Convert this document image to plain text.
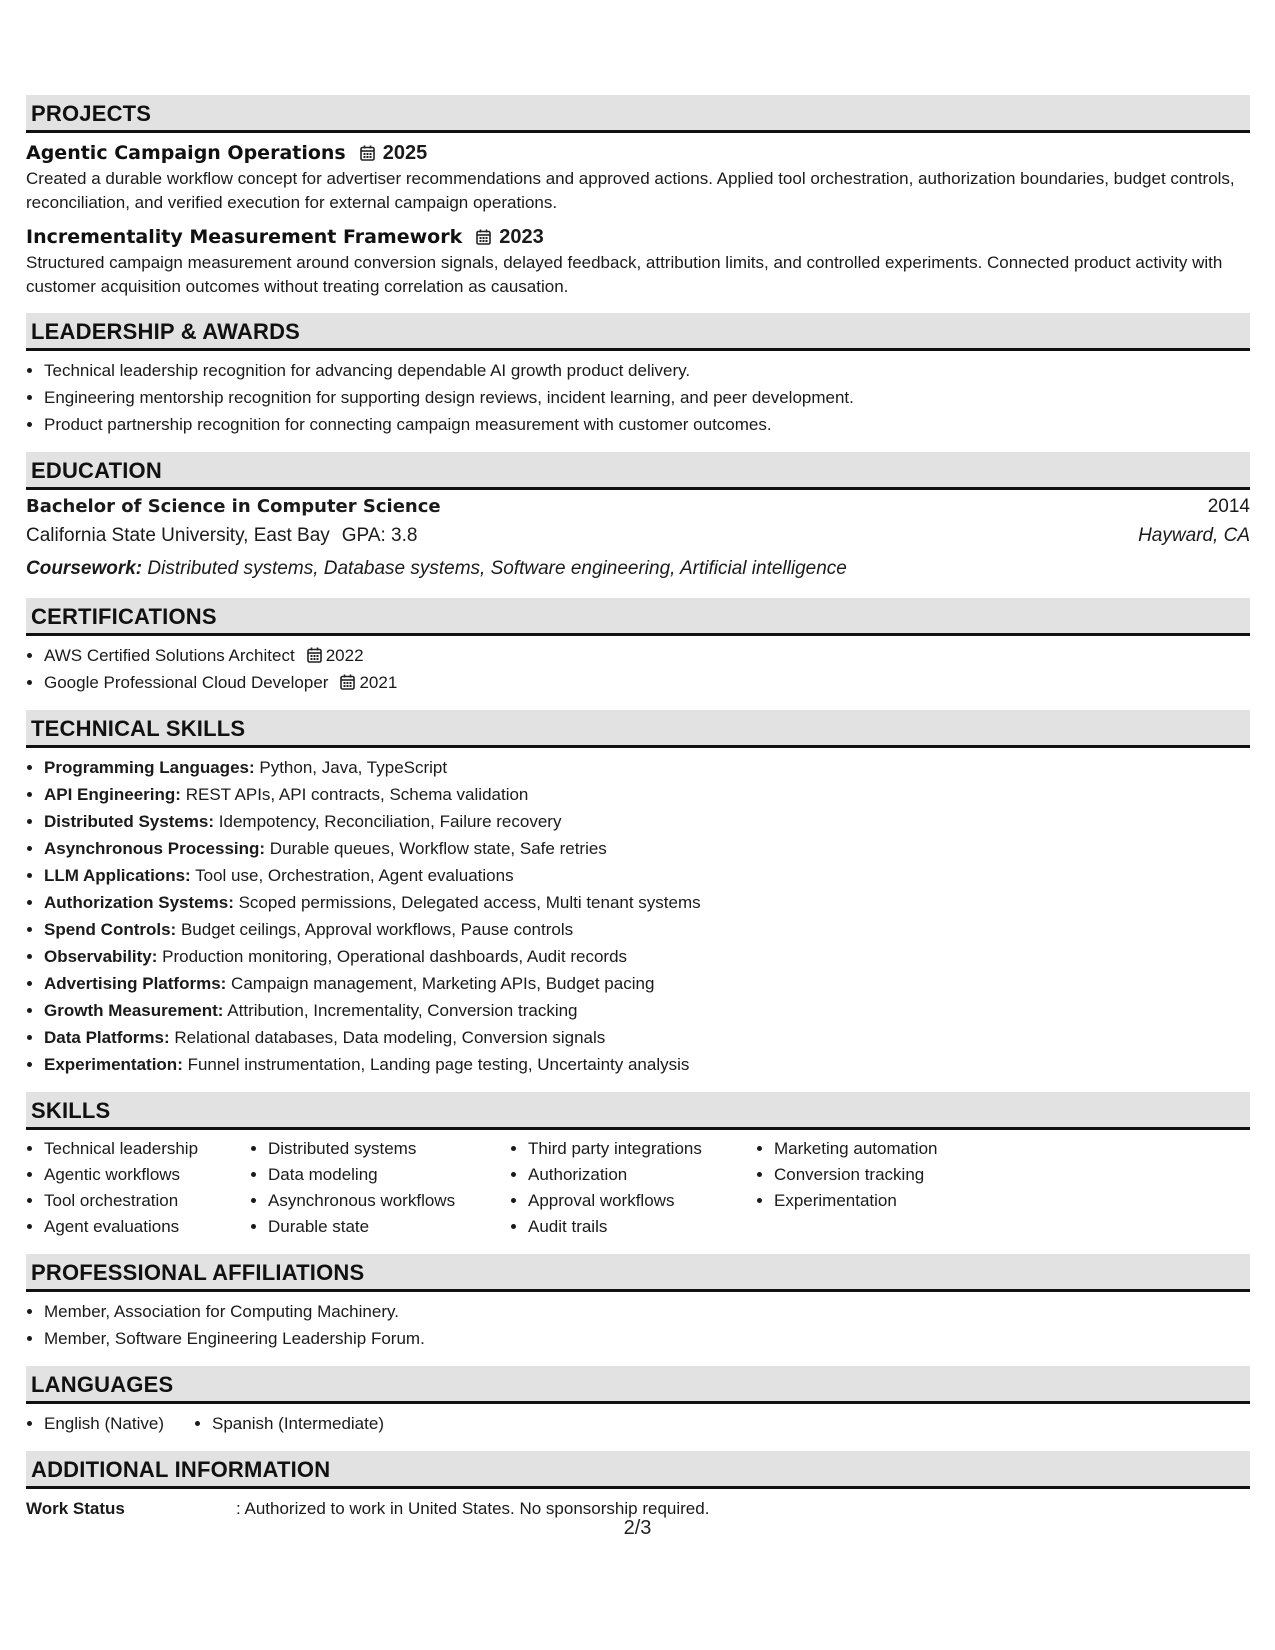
PROJECTS
Agentic Campaign Operations 2025
Created a durable workflow concept for advertiser recommendations and approved actions. Applied tool orchestration, authorization boundaries, budget controls, reconciliation, and verified execution for external campaign operations.
Incrementality Measurement Framework 2023
Structured campaign measurement around conversion signals, delayed feedback, attribution limits, and controlled experiments. Connected product activity with customer acquisition outcomes without treating correlation as causation.
LEADERSHIP & AWARDS
• Technical leadership recognition for advancing dependable AI growth product delivery.
• Engineering mentorship recognition for supporting design reviews, incident learning, and peer development.
• Product partnership recognition for connecting campaign measurement with customer outcomes.
EDUCATION
Bachelor of Science in Computer Science	2014
California State University, East Bay GPA: 3.8	Hayward, CA
Coursework: Distributed systems, Database systems, Software engineering, Artificial intelligence
CERTIFICATIONS
• AWS Certified Solutions Architect 2022
• Google Professional Cloud Developer 2021
TECHNICAL SKILLS
• Programming Languages: Python, Java, TypeScript
• API Engineering: REST APIs, API contracts, Schema validation
• Distributed Systems: Idempotency, Reconciliation, Failure recovery
• Asynchronous Processing: Durable queues, Workflow state, Safe retries
• LLM Applications: Tool use, Orchestration, Agent evaluations
• Authorization Systems: Scoped permissions, Delegated access, Multi tenant systems
• Spend Controls: Budget ceilings, Approval workflows, Pause controls
• Observability: Production monitoring, Operational dashboards, Audit records
• Advertising Platforms: Campaign management, Marketing APIs, Budget pacing
• Growth Measurement: Attribution, Incrementality, Conversion tracking
• Data Platforms: Relational databases, Data modeling, Conversion signals
• Experimentation: Funnel instrumentation, Landing page testing, Uncertainty analysis
SKILLS
• Technical leadership
• Agentic workflows
• Tool orchestration
• Agent evaluations
• Distributed systems
• Data modeling
• Asynchronous workflows
• Durable state
• Third party integrations
• Authorization
• Approval workflows
• Audit trails
• Marketing automation
• Conversion tracking
• Experimentation
PROFESSIONAL AFFILIATIONS
• Member, Association for Computing Machinery.
• Member, Software Engineering Leadership Forum.
LANGUAGES
• English (Native)
•	Spanish (Intermediate)
ADDITIONAL INFORMATION
Work Status	: Authorized to work in United States. No sponsorship required.
2/3
